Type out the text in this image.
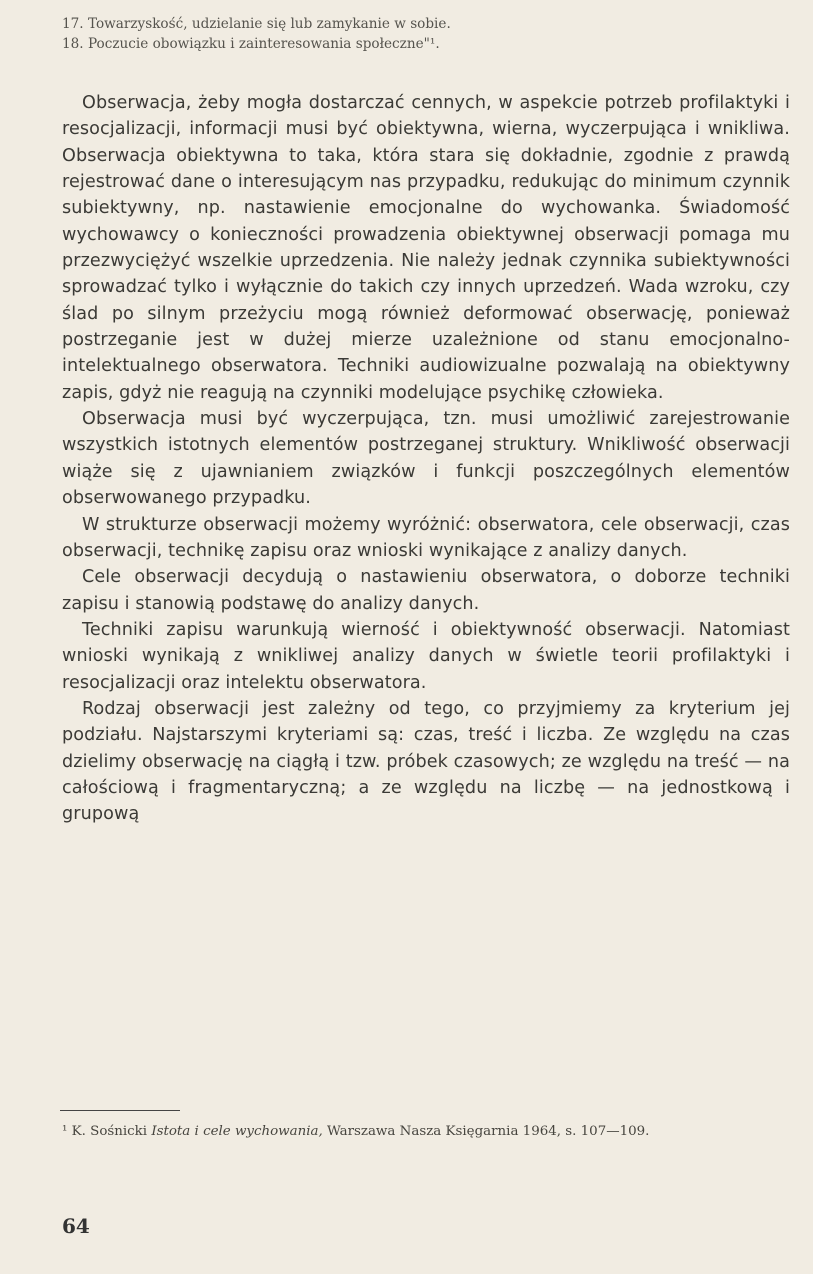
17. Towarzyskość, udzielanie się lub zamykanie w sobie.
18. Poczucie obowiązku i zainteresowania społeczne"¹.

Obserwacja, żeby mogła dostarczać cennych, w aspekcie potrzeb profilaktyki i resocjalizacji, informacji musi być obiektywna, wierna, wyczerpująca i wnikliwa. Obserwacja obiektywna to taka, która stara się dokładnie, zgodnie z prawdą rejestrować dane o interesującym nas przypadku, redukując do minimum czynnik subiektywny, np. nastawienie emocjonalne do wychowanka. Świadomość wychowawcy o konieczności prowadzenia obiektywnej obserwacji pomaga mu przezwyciężyć wszelkie uprzedzenia. Nie należy jednak czynnika subiektywności sprowadzać tylko i wyłącznie do takich czy innych uprzedzeń. Wada wzroku, czy ślad po silnym przeżyciu mogą również deformować obserwację, ponieważ postrzeganie jest w dużej mierze uzależnione od stanu emocjonalno-intelektualnego obserwatora. Techniki audiowizualne pozwalają na obiektywny zapis, gdyż nie reagują na czynniki modelujące psychikę człowieka.

Obserwacja musi być wyczerpująca, tzn. musi umożliwić zarejestrowanie wszystkich istotnych elementów postrzeganej struktury. Wnikliwość obserwacji wiąże się z ujawnianiem związków i funkcji poszczególnych elementów obserwowanego przypadku.

W strukturze obserwacji możemy wyróżnić: obserwatora, cele obserwacji, czas obserwacji, technikę zapisu oraz wnioski wynikające z analizy danych.

Cele obserwacji decydują o nastawieniu obserwatora, o doborze techniki zapisu i stanowią podstawę do analizy danych.

Techniki zapisu warunkują wierność i obiektywność obserwacji. Natomiast wnioski wynikają z wnikliwej analizy danych w świetle teorii profilaktyki i resocjalizacji oraz intelektu obserwatora.

Rodzaj obserwacji jest zależny od tego, co przyjmiemy za kryterium jej podziału. Najstarszymi kryteriami są: czas, treść i liczba. Ze względu na czas dzielimy obserwację na ciągłą i tzw. próbek czasowych; ze względu na treść — na całościową i fragmentaryczną; a ze względu na liczbę — na jednostkową i grupową

¹ K. Sośnicki Istota i cele wychowania, Warszawa Nasza Księgarnia 1964, s. 107—109.
64
